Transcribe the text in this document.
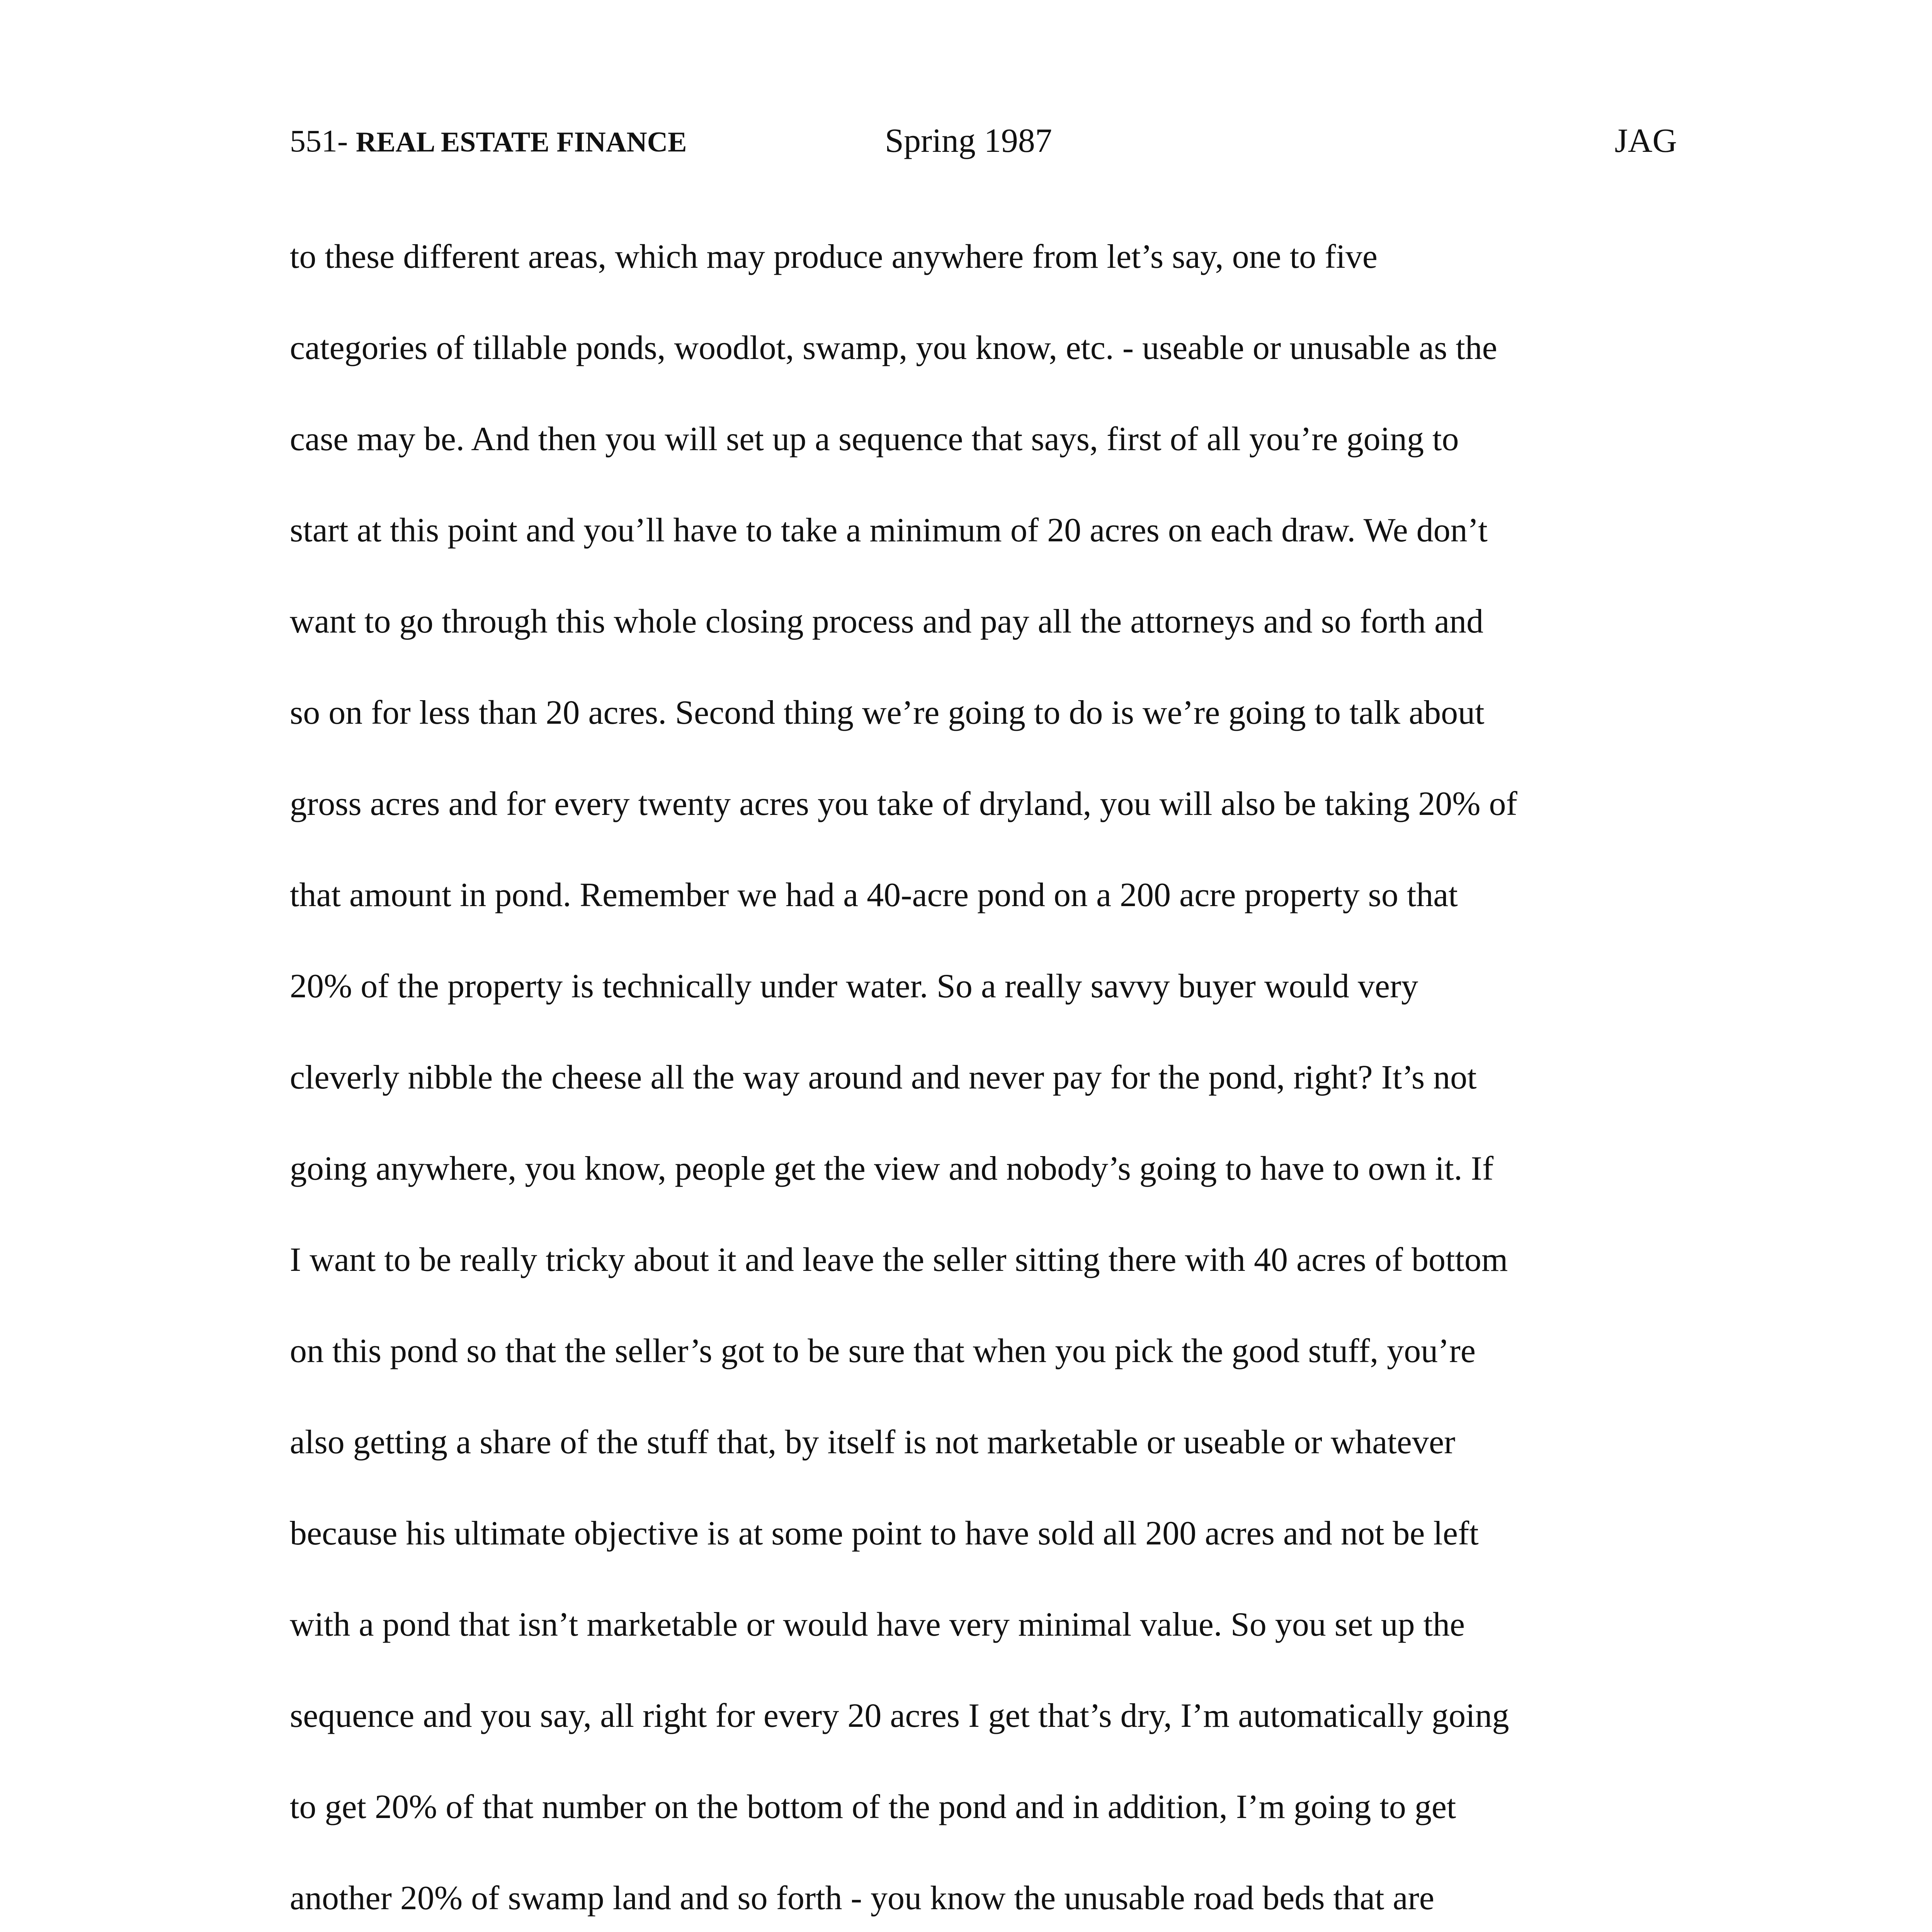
551- REAL ESTATE FINANCE	Spring 1987	JAG
to these different areas, which may produce anywhere from let’s say, one to five
categories of tillable ponds, woodlot, swamp, you know, etc. - useable or unusable as the
case may be. And then you will set up a sequence that says, first of all you’re going to
start at this point and you’ll have to take a minimum of 20 acres on each draw. We don’t
want to go through this whole closing process and pay all the attorneys and so forth and
so on for less than 20 acres. Second thing we’re going to do is we’re going to talk about
gross acres and for every twenty acres you take of dryland, you will also be taking 20% of
that amount in pond. Remember we had a 40-acre pond on a 200 acre property so that
20% of the property is technically under water. So a really savvy buyer would very
cleverly nibble the cheese all the way around and never pay for the pond, right? It’s not
going anywhere, you know, people get the view and nobody’s going to have to own it. If
I want to be really tricky about it and leave the seller sitting there with 40 acres of bottom
on this pond so that the seller’s got to be sure that when you pick the good stuff, you’re
also getting a share of the stuff that, by itself is not marketable or useable or whatever
because his ultimate objective is at some point to have sold all 200 acres and not be left
with a pond that isn’t marketable or would have very minimal value. So you set up the
sequence and you say, all right for every 20 acres I get that’s dry, I’m automatically going
to get 20% of that number on the bottom of the pond and in addition, I’m going to get
another 20% of swamp land and so forth - you know the unusable road beds that are
